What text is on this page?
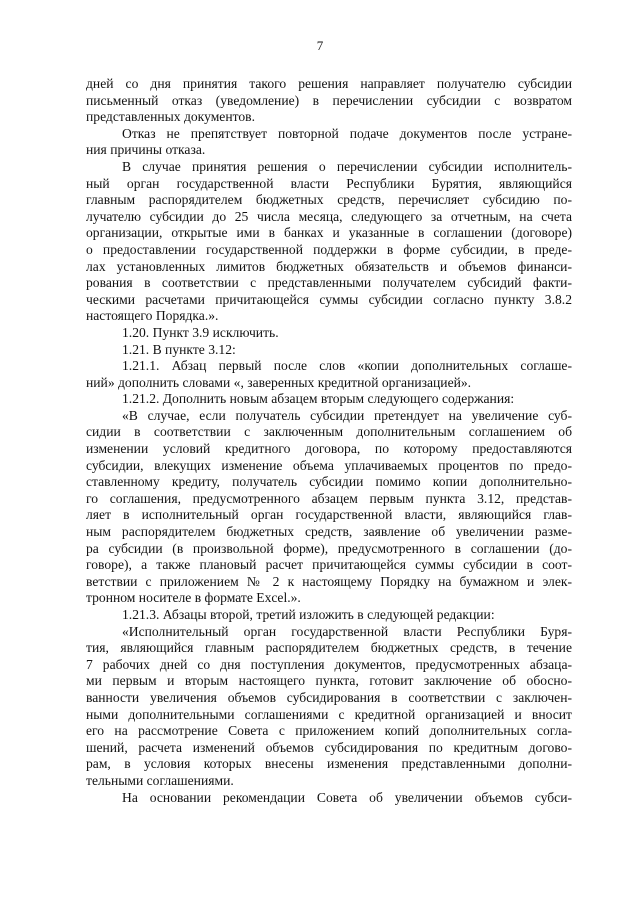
7
дней со дня принятия такого решения направляет получателю субсидии
письменный отказ (уведомление) в перечислении субсидии с возвратом
представленных документов.
Отказ не препятствует повторной подаче документов после устране-
ния причины отказа.
В случае принятия решения о перечислении субсидии исполнитель-
ный орган государственной власти Республики Бурятия, являющийся
главным распорядителем бюджетных средств, перечисляет субсидию по-
лучателю субсидии до 25 числа месяца, следующего за отчетным, на счета
организации, открытые ими в банках и указанные в соглашении (договоре)
о предоставлении государственной поддержки в форме субсидии, в преде-
лах установленных лимитов бюджетных обязательств и объемов финанси-
рования в соответствии с представленными получателем субсидий факти-
ческими расчетами причитающейся суммы субсидии согласно пункту 3.8.2
настоящего Порядка.».
1.20. Пункт 3.9 исключить.
1.21. В пункте 3.12:
1.21.1. Абзац первый после слов «копии дополнительных соглаше-
ний» дополнить словами «, заверенных кредитной организацией».
1.21.2. Дополнить новым абзацем вторым следующего содержания:
«В случае, если получатель субсидии претендует на увеличение суб-
сидии в соответствии с заключенным дополнительным соглашением об
изменении условий кредитного договора, по которому предоставляются
субсидии, влекущих изменение объема уплачиваемых процентов по предо-
ставленному кредиту, получатель субсидии помимо копии дополнительно-
го соглашения, предусмотренного абзацем первым пункта 3.12, представ-
ляет в исполнительный орган государственной власти, являющийся глав-
ным распорядителем бюджетных средств, заявление об увеличении разме-
ра субсидии (в произвольной форме), предусмотренного в соглашении (до-
говоре), а также плановый расчет причитающейся суммы субсидии в соот-
ветствии с приложением № 2 к настоящему Порядку на бумажном и элек-
тронном носителе в формате Excel.».
1.21.3. Абзацы второй, третий изложить в следующей редакции:
«Исполнительный орган государственной власти Республики Буря-
тия, являющийся главным распорядителем бюджетных средств, в течение
7 рабочих дней со дня поступления документов, предусмотренных абзаца-
ми первым и вторым настоящего пункта, готовит заключение об обосно-
ванности увеличения объемов субсидирования в соответствии с заключен-
ными дополнительными соглашениями с кредитной организацией и вносит
его на рассмотрение Совета с приложением копий дополнительных согла-
шений, расчета изменений объемов субсидирования по кредитным догово-
рам, в условия которых внесены изменения представленными дополни-
тельными соглашениями.
На основании рекомендации Совета об увеличении объемов субси-
